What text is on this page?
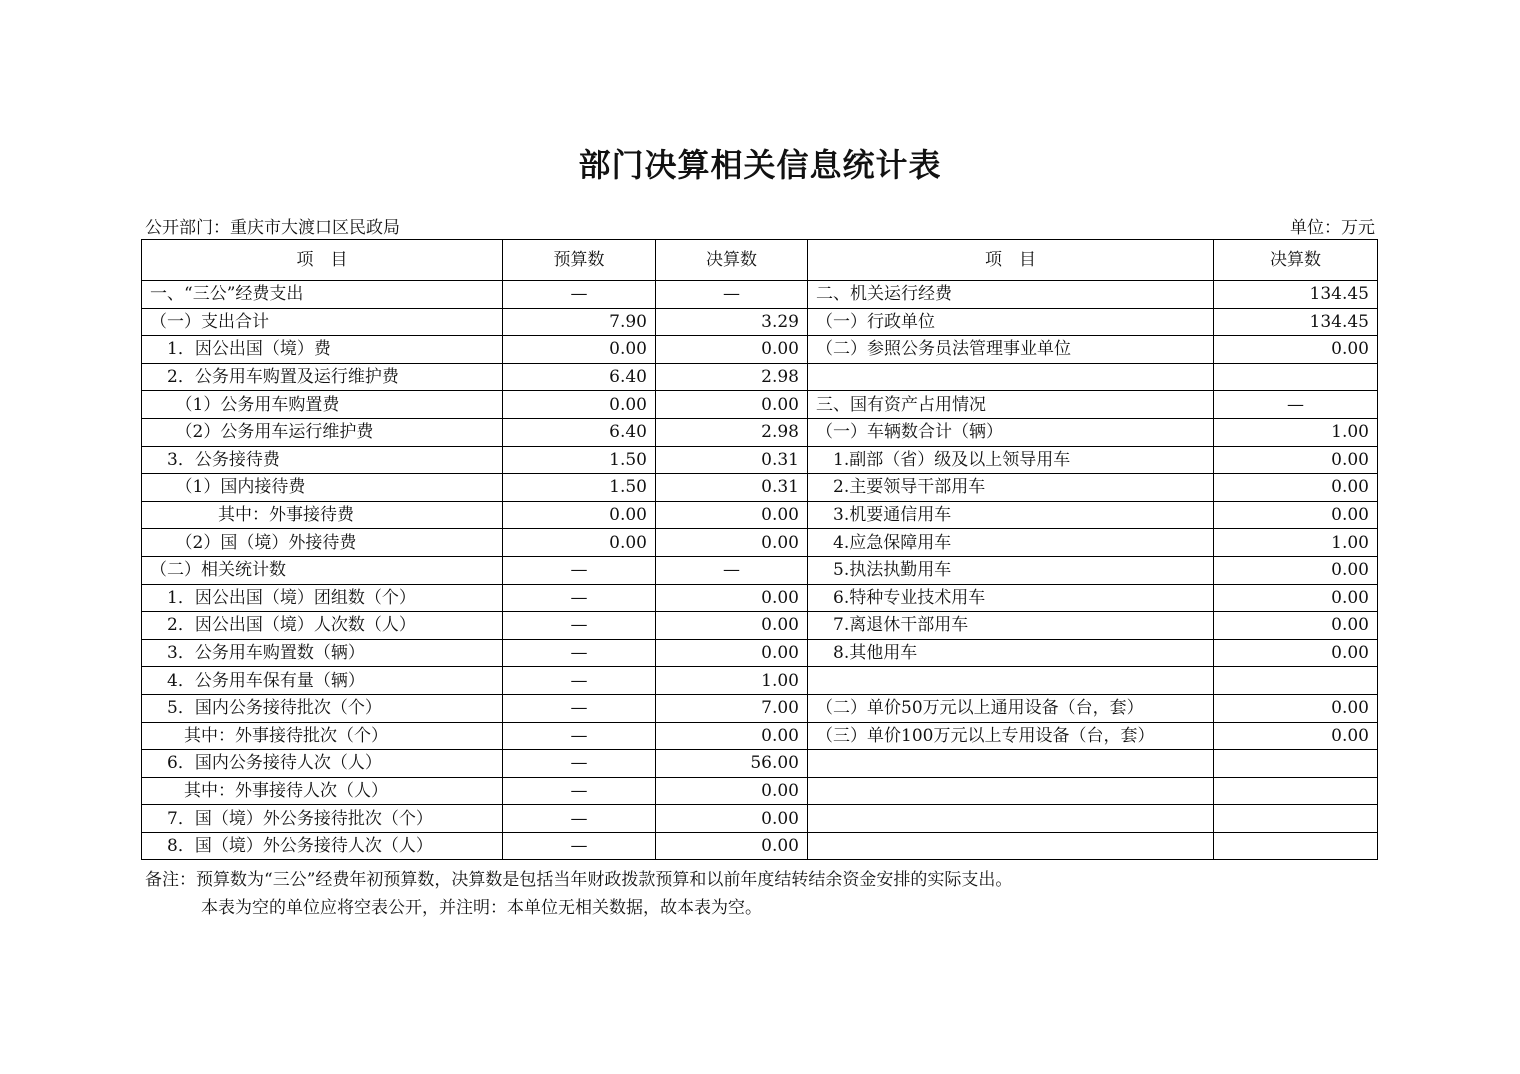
部门决算相关信息统计表
公开部门：重庆市大渡口区民政局	单位：万元
项　目	预算数	决算数	项　目	决算数
一、“三公”经费支出	—	—	二、机关运行经费	134.45
（一）支出合计	7.90	3.29	（一）行政单位	134.45
　1．因公出国（境）费	0.00	0.00	（二）参照公务员法管理事业单位	0.00
　2．公务用车购置及运行维护费	6.40	2.98		
　　（1）公务用车购置费	0.00	0.00	三、国有资产占用情况	—
　　（2）公务用车运行维护费	6.40	2.98	（一）车辆数合计（辆）	1.00
　3．公务接待费	1.50	0.31	　1.副部（省）级及以上领导用车	0.00
　　（1）国内接待费	1.50	0.31	　2.主要领导干部用车	0.00
　　　　其中：外事接待费	0.00	0.00	　3.机要通信用车	0.00
　　（2）国（境）外接待费	0.00	0.00	　4.应急保障用车	1.00
（二）相关统计数	—	—	　5.执法执勤用车	0.00
　1．因公出国（境）团组数（个）	—	0.00	　6.特种专业技术用车	0.00
　2．因公出国（境）人次数（人）	—	0.00	　7.离退休干部用车	0.00
　3．公务用车购置数（辆）	—	0.00	　8.其他用车	0.00
　4．公务用车保有量（辆）	—	1.00		
　5．国内公务接待批次（个）	—	7.00	（二）单价50万元以上通用设备（台，套）	0.00
　　其中：外事接待批次（个）	—	0.00	（三）单价100万元以上专用设备（台，套）	0.00
　6．国内公务接待人次（人）	—	56.00		
　　其中：外事接待人次（人）	—	0.00		
　7．国（境）外公务接待批次（个）	—	0.00		
　8．国（境）外公务接待人次（人）	—	0.00		
备注：预算数为“三公”经费年初预算数，决算数是包括当年财政拨款预算和以前年度结转结余资金安排的实际支出。
本表为空的单位应将空表公开，并注明：本单位无相关数据，故本表为空。
